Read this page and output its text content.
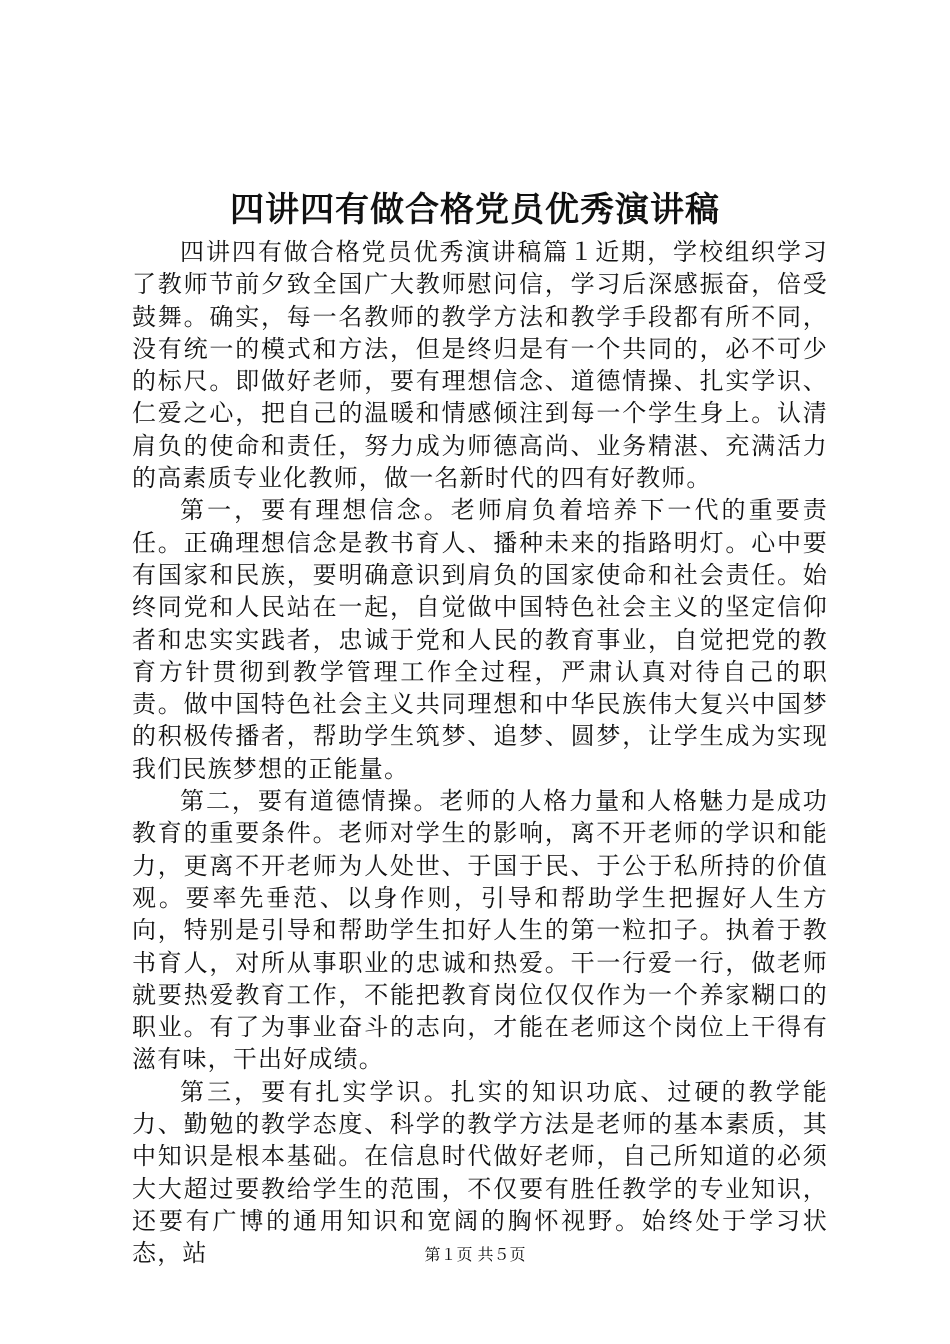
四讲四有做合格党员优秀演讲稿

四讲四有做合格党员优秀演讲稿篇１近期，学校组织学习了教师节前夕致全国广大教师慰问信，学习后深感振奋，倍受鼓舞。确实，每一名教师的教学方法和教学手段都有所不同，没有统一的模式和方法，但是终归是有一个共同的，必不可少的标尺。即做好老师，要有理想信念、道德情操、扎实学识、仁爱之心，把自己的温暖和情感倾注到每一个学生身上。认清肩负的使命和责任，努力成为师德高尚、业务精湛、充满活力的高素质专业化教师，做一名新时代的四有好教师。

第一，要有理想信念。老师肩负着培养下一代的重要责任。正确理想信念是教书育人、播种未来的指路明灯。心中要有国家和民族，要明确意识到肩负的国家使命和社会责任。始终同党和人民站在一起，自觉做中国特色社会主义的坚定信仰者和忠实实践者，忠诚于党和人民的教育事业，自觉把党的教育方针贯彻到教学管理工作全过程，严肃认真对待自己的职责。做中国特色社会主义共同理想和中华民族伟大复兴中国梦的积极传播者，帮助学生筑梦、追梦、圆梦，让学生成为实现我们民族梦想的正能量。

第二，要有道德情操。老师的人格力量和人格魅力是成功教育的重要条件。老师对学生的影响，离不开老师的学识和能力，更离不开老师为人处世、于国于民、于公于私所持的价值观。要率先垂范、以身作则，引导和帮助学生把握好人生方向，特别是引导和帮助学生扣好人生的第一粒扣子。执着于教书育人，对所从事职业的忠诚和热爱。干一行爱一行，做老师就要热爱教育工作，不能把教育岗位仅仅作为一个养家糊口的职业。有了为事业奋斗的志向，才能在老师这个岗位上干得有滋有味，干出好成绩。

第三，要有扎实学识。扎实的知识功底、过硬的教学能力、勤勉的教学态度、科学的教学方法是老师的基本素质，其中知识是根本基础。在信息时代做好老师，自己所知道的必须大大超过要教给学生的范围，不仅要有胜任教学的专业知识，还要有广博的通用知识和宽阔的胸怀视野。始终处于学习状态，站	第１页 共５页
